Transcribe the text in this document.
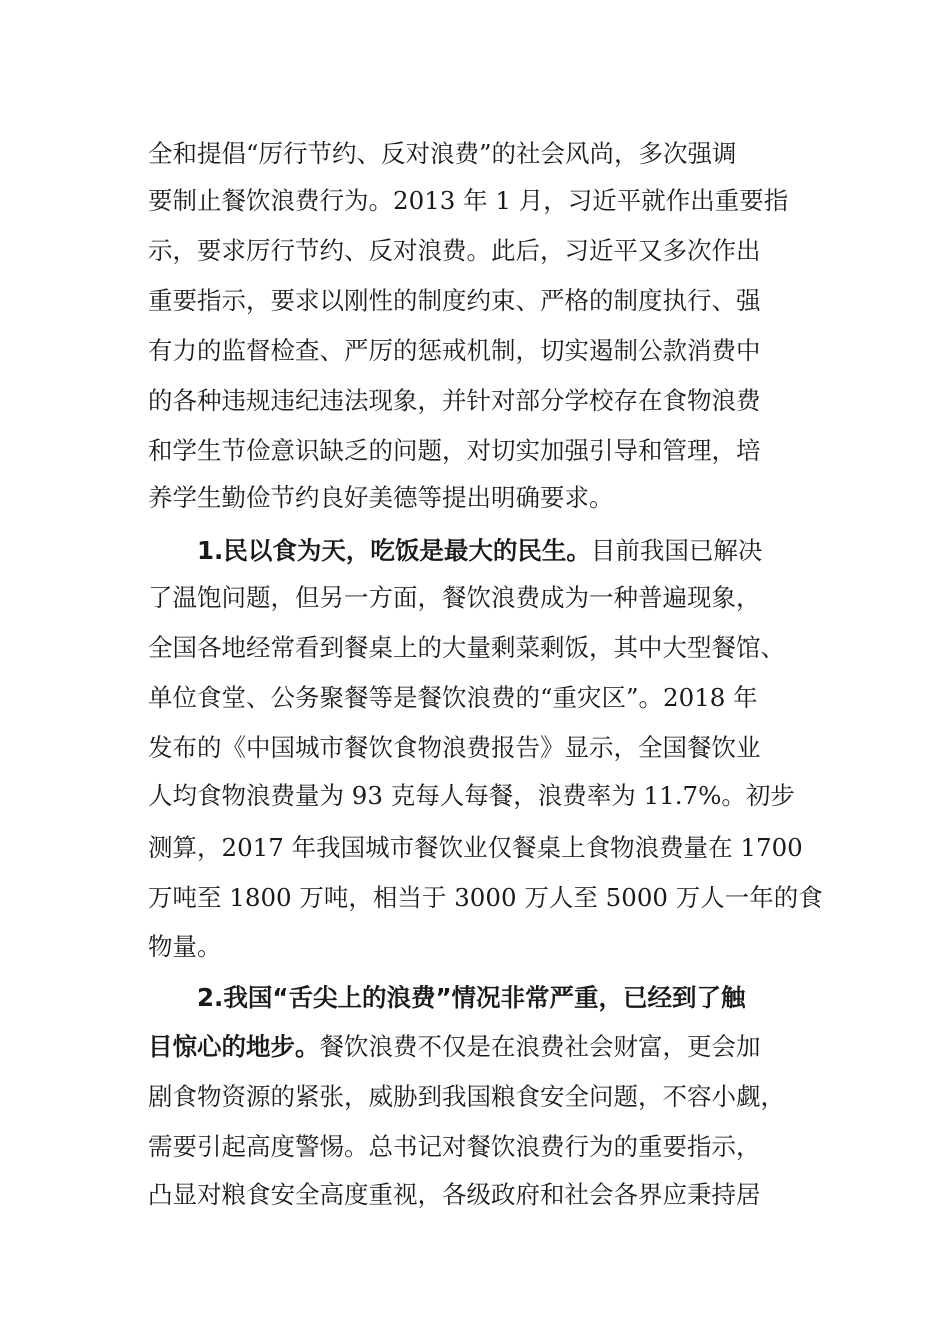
全和提倡“厉行节约、反对浪费”的社会风尚，多次强调

要制止餐饮浪费行为。2013 年 1 月，习近平就作出重要指

示，要求厉行节约、反对浪费。此后，习近平又多次作出

重要指示，要求以刚性的制度约束、严格的制度执行、强

有力的监督检查、严厉的惩戒机制，切实遏制公款消费中

的各种违规违纪违法现象，并针对部分学校存在食物浪费

和学生节俭意识缺乏的问题，对切实加强引导和管理，培

养学生勤俭节约良好美德等提出明确要求。

1.民以食为天，吃饭是最大的民生。目前我国已解决

了温饱问题，但另一方面，餐饮浪费成为一种普遍现象，

全国各地经常看到餐桌上的大量剩菜剩饭，其中大型餐馆、

单位食堂、公务聚餐等是餐饮浪费的“重灾区”。2018 年

发布的《中国城市餐饮食物浪费报告》显示，全国餐饮业

人均食物浪费量为 93 克每人每餐，浪费率为 11.7%。初步

测算，2017 年我国城市餐饮业仅餐桌上食物浪费量在 1700

万吨至 1800 万吨，相当于 3000 万人至 5000 万人一年的食

物量。

2.我国“舌尖上的浪费”情况非常严重，已经到了触

目惊心的地步。餐饮浪费不仅是在浪费社会财富，更会加

剧食物资源的紧张，威胁到我国粮食安全问题，不容小觑，

需要引起高度警惕。总书记对餐饮浪费行为的重要指示，

凸显对粮食安全高度重视，各级政府和社会各界应秉持居
